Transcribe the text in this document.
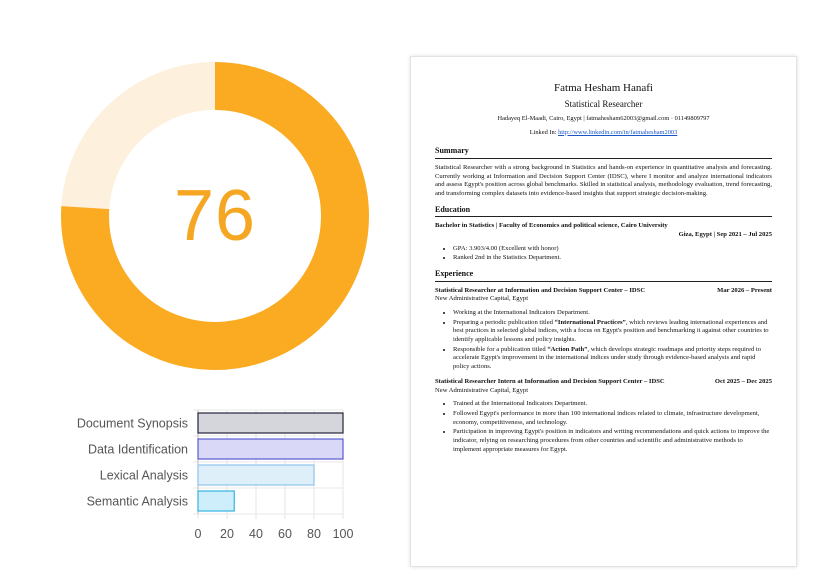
76
Document Synopsis
Data Identification
Lexical Analysis
Semantic Analysis
0 20 40 60 80 100
Fatma Hesham Hanafi
Statistical Researcher
Hadayeq El-Maadi, Cairo, Egypt | fatmahesham62003@gmail.com · 01149809797
Linked In: http://www.linkedin.com/in/fatmahesham2003
Summary
Statistical Researcher with a strong background in Statistics and hands-on experience in quantitative analysis and forecasting. Currently working at Information and Decision Support Center (IDSC), where I monitor and analyze international indicators and assess Egypt's position across global benchmarks. Skilled in statistical analysis, methodology evaluation, trend forecasting, and transforming complex datasets into evidence-based insights that support strategic decision-making.
Education
Bachelor in Statistics | Faculty of Economics and political science, Cairo University
Giza, Egypt | Sep 2021 – Jul 2025
• GPA: 3.903/4.00 (Excellent with honor)
• Ranked 2nd in the Statistics Department.
Experience
Statistical Researcher at Information and Decision Support Center – IDSC	Mar 2026 – Present
New Administrative Capital, Egypt
• Working at the International Indicators Department.
• Preparing a periodic publication titled “International Practices”, which reviews leading international experiences and best practices in selected global indices, with a focus on Egypt's position and benchmarking it against other countries to identify applicable lessons and policy insights.
• Responsible for a publication titled “Action Path”, which develops strategic roadmaps and priority steps required to accelerate Egypt's improvement in the international indices under study through evidence-based analysis and rapid policy actions.
Statistical Researcher Intern at Information and Decision Support Center – IDSC	Oct 2025 – Dec 2025
New Administrative Capital, Egypt
• Trained at the International Indicators Department.
• Followed Egypt's performance in more than 100 international indices related to climate, infrastructure development, economy, competitiveness, and technology.
• Participation in improving Egypt's position in indicators and writing recommendations and quick actions to improve the indicator, relying on researching procedures from other countries and scientific and administrative methods to implement appropriate measures for Egypt.
